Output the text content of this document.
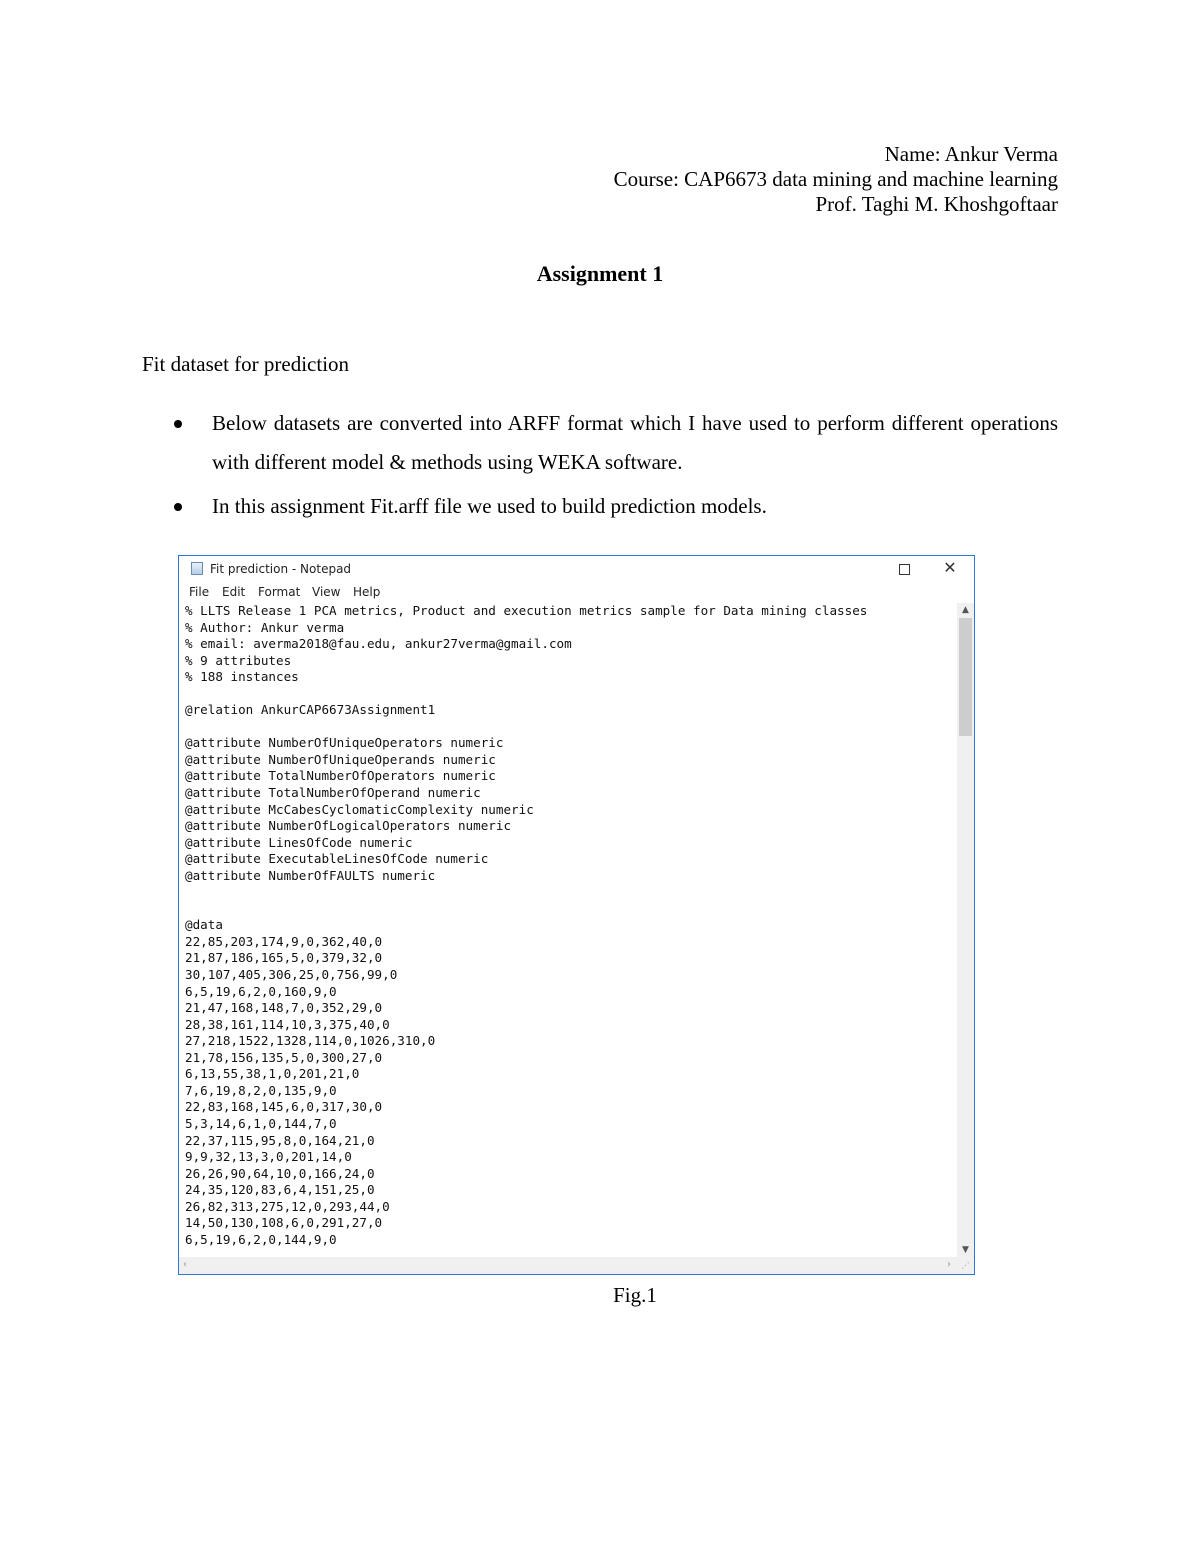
Name: Ankur Verma
Course: CAP6673 data mining and machine learning
Prof. Taghi M. Khoshgoftaar
Assignment 1
Fit dataset for prediction
Below datasets are converted into ARFF format which I have used to perform different operations with different model & methods using WEKA software.
In this assignment Fit.arff file we used to build prediction models.
Fit prediction - Notepad	✕
File Edit Format View Help
% LLTS Release 1 PCA metrics, Product and execution metrics sample for Data mining classes
% Author: Ankur verma
% email: averma2018@fau.edu, ankur27verma@gmail.com
% 9 attributes
% 188 instances
@relation AnkurCAP6673Assignment1
@attribute NumberOfUniqueOperators numeric
@attribute NumberOfUniqueOperands numeric
@attribute TotalNumberOfOperators numeric
@attribute TotalNumberOfOperand numeric
@attribute McCabesCyclomaticComplexity numeric
@attribute NumberOfLogicalOperators numeric
@attribute LinesOfCode numeric
@attribute ExecutableLinesOfCode numeric
@attribute NumberOfFAULTS numeric
@data
22,85,203,174,9,0,362,40,0
21,87,186,165,5,0,379,32,0
30,107,405,306,25,0,756,99,0
6,5,19,6,2,0,160,9,0
21,47,168,148,7,0,352,29,0
28,38,161,114,10,3,375,40,0
27,218,1522,1328,114,0,1026,310,0
21,78,156,135,5,0,300,27,0
6,13,55,38,1,0,201,21,0
7,6,19,8,2,0,135,9,0
22,83,168,145,6,0,317,30,0
5,3,14,6,1,0,144,7,0
22,37,115,95,8,0,164,21,0
9,9,32,13,3,0,201,14,0
26,26,90,64,10,0,166,24,0
24,35,120,83,6,4,151,25,0
26,82,313,275,12,0,293,44,0
14,50,130,108,6,0,291,27,0
6,5,19,6,2,0,144,9,0
▲
▼
‹	›	⋰
Fig.1
